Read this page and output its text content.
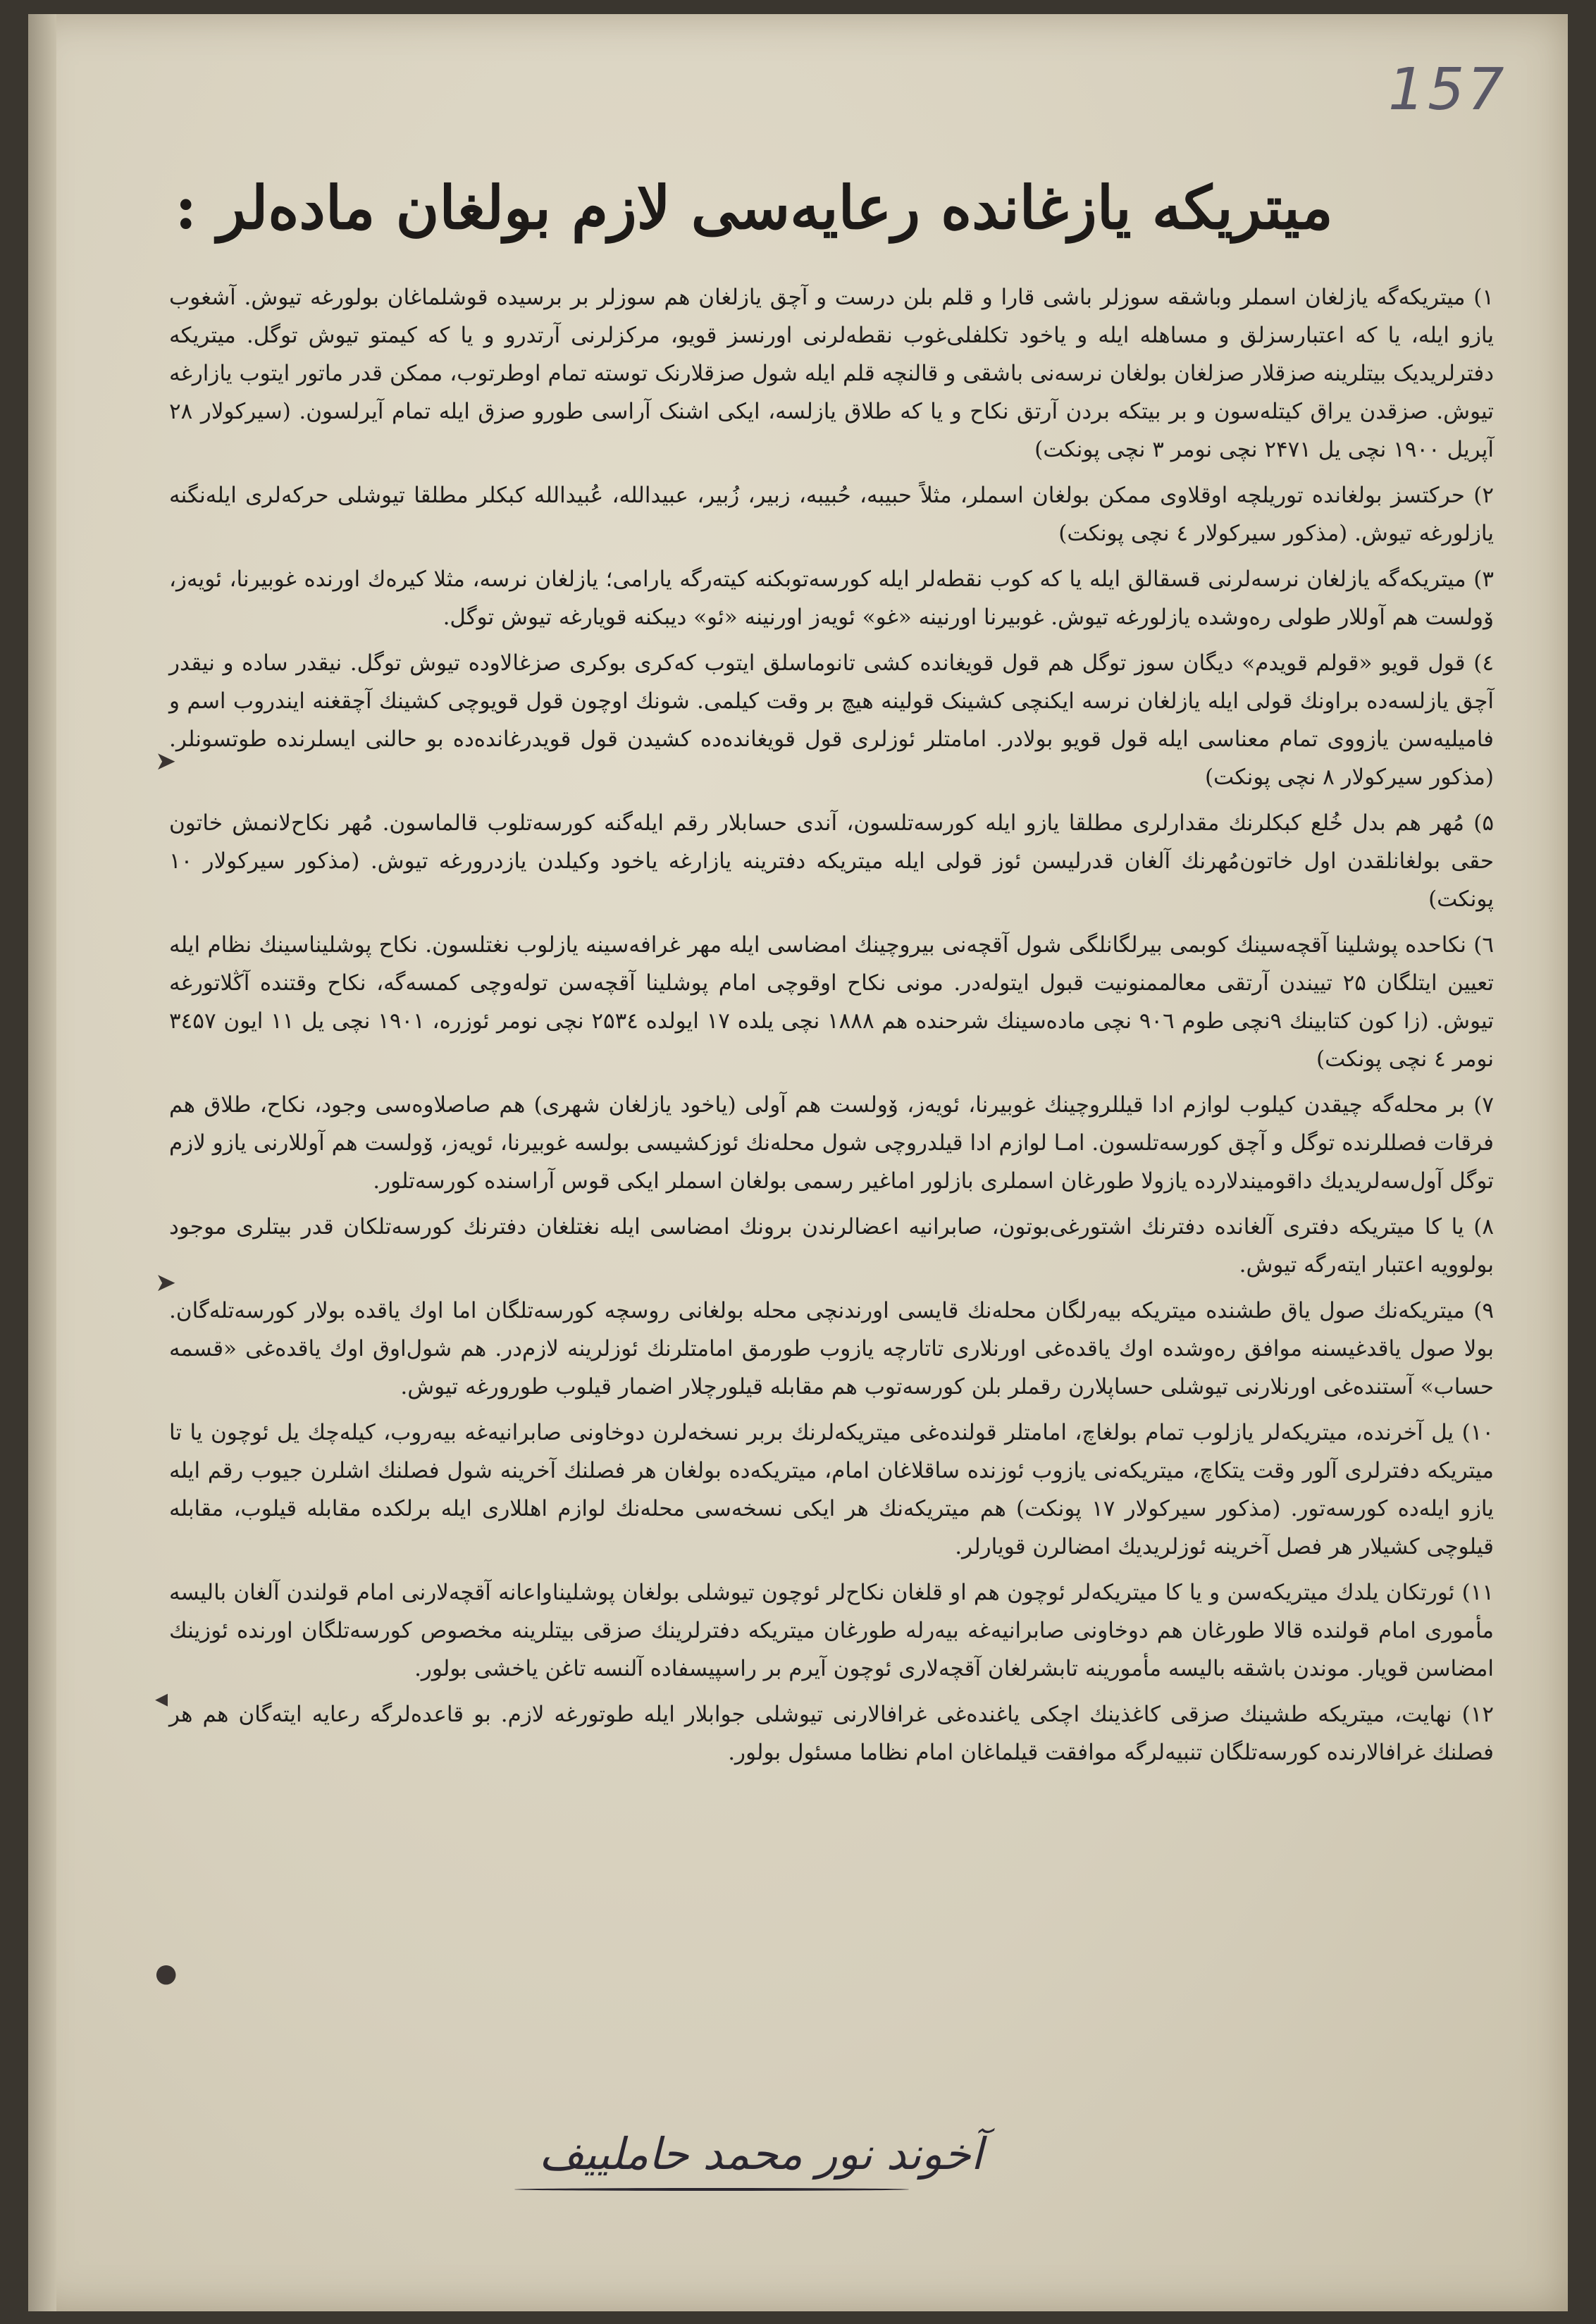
157
میتریکه یازغانده رعایه‌سی لازم بولغان ماده‌لر :

۱) میتریکه‌گه یازلغان اسملر وباشقه سوزلر باشی قارا و قلم بلن درست و آچق یازلغان هم سوزلر بر برسیده قوشلماغان بولورغه تیوش. آشغوب یازو ایله، یا که اعتبار‌سزلق و مساهله ایله و یاخود تکلفلی‌غوب نقطه‌لرنی اورنسز قویو، مرکزلرنی آرتدرو و یا که کیمتو تیوش توگل. میتریکه دفترلریدیک بیتلرینه صزقلار صزلغان بولغان نرسه‌نی باشقی و قالنچه قلم ایله شول صزقلارنک توسته تمام اوطرتوب، ممکن قدر ماتور ایتوب یازارغه تیوش. صزقدن یراق کیتله‌سون و بر بیتکه بردن آرتق نکاح و یا که طلاق یازلسه، ایکی اشنک آراسی طورو صزق ایله تمام آیرلسون. (سیرکولار ۲۸ آپریل ۱۹۰۰ نچی یل ۲۴۷۱ نچی نومر ۳ نچی پونکت)

۲) حرکتسز بولغانده توریلچه اوقلاوی ممکن بولغان اسملر، مثلاً حبیبه، حُبیبه، زبیر، زُبیر، عبیدالله، عُبیدالله کبکلر مطلقا تیوشلی حرکه‌لری ایله‌نگنه یازلورغه تیوش. (مذکور سیرکولار ٤ نچی پونکت)

۳) میتریکه‌گه یازلغان نرسه‌لرنی قسقالق ایله یا که کوب نقطه‌لر ایله کورسه‌توبکنه کیته‌رگه یارامی؛ یازلغان نرسه، مثلا کیرەك اورنده غوبیرنا، ئویەز، ۆولست هم آوللار طولی رەوشده یازلورغه تیوش. غوبیرنا اورنینه «غو» ئویەز اورنینه «ئو» دیبکنه قویارغه تیوش توگل.

٤) قول قویو «قولم قویدم» دیگان سوز توگل هم قول قویغانده کشی تانوماسلق ایتوب کەکری بوکری صزغالاوده تیوش توگل. نیقدر ساده و نیقدر آچق یازلسه‌ده براونك قولی ایله یازلغان نرسه ایکنچی کشینک قولینه هیچ بر وقت کیلمی. شونك اوچون قول قویوچی کشینك آچقغنه ایندروب اسم و فامیلیه‌سن یازووی تمام معناسی ایله قول قویو بولادر. امامتلر ئوزلری قول قویغانده‌ده کشیدن قول قویدرغانده‌ده بو حالنی ایسلرنده طوتسونلر. (مذکور سیرکولار ۸ نچی پونکت)

۵) مُهر هم بدل خُلع کبکلرنك مقدارلری مطلقا یازو ایله کورسه‌تلسون، آندی حسابلار رقم ایله‌گنه کورسه‌تلوب قالماسون. مُهر نکاح‌لانمش خاتون حقی بولغانلقدن اول خاتون‌مُهرنك آلغان قدرلیسن ئوز قولی ایله میتریکه دفترینه یازارغه یاخود وکیلدن یازدرورغه تیوش. (مذکور سیرکولار ۱۰ پونکت)

٦) نکاحده پوشلینا آقچه‌سینك کوبمی بیرلگانلگی شول آقچه‌نی بیروچینك امضاسی ایله مهر غرافه‌سینه یازلوب نغتلسون. نکاح پوشلیناسینك نظام ایله تعیین ایتلگان ۲۵ تییندن آرتقی معالممنونیت قبول ایتوله‌در. مونی نکاح اوقوچی امام پوشلینا آقچه‌سن تولەوچی کمسه‌گه، نکاح وقتنده آڭلاتورغه تیوش. (زا کون کتابینك ۹نچی طوم ۹۰٦ نچی ماده‌سینك شرحنده هم ۱۸۸۸ نچی یلده ۱۷ ایولده ۲۵۳٤ نچی نومر ئوزره، ۱۹۰۱ نچی یل ۱۱ ایون ۳٤۵۷ نومر ٤ نچی پونکت)

۷) بر محله‌گه چیقدن کیلوب لوازم ادا قیللر‌وچینك غوبیرنا، ئویه‌ز، ۆولست هم آولی (یاخود یازلغان شهری) هم صاصلاوه‌سی وجود، نکاح، طلاق هم فرقات فصللرنده توگل و آچق کورسه‌تلسون. امـا لوازم ادا قیلدروچی شول محله‌نك ئوزکشیسی بولسه غوبیرنا، ئویه‌ز، ۆولست هم آوللارنی یازو لازم توگل آول‌سه‌لریدیك داقومیندلارده یازولا طورغان اسملری بازلور اماغیر رسمی بولغان اسملر ایکی قوس آراسنده کورسه‌تلور.

۸) یا کا میتریکه دفتری آلغانده دفترنك اشتورغی‌بوتون، صابرانیه اعضالرندن برونك امضاسی ایله نغتلغان دفترنك کورسه‌تلکان قدر بیتلری موجود بولوویه اعتبار ایته‌رگه تیوش.

۹) میتریکه‌نك صول یاق طشنده میتریکه بیەرلگان محله‌نك قایسی اورندنچی محله بولغانی روسچه کورسه‌تلگان اما اوك یاقده بولار کورسه‌تله‌گان. بولا صول یاقدغیسنه موافق رەوشده اوك یاقده‌غی اورنلاری تاتارچه یازوب طورمق امامتلرنك ئوزلرینه لازم‌در. هم شول‌اوق اوك یاقده‌غی «قسمه حساب» آستنده‌غی اورنلارنی تیوشلی حساپلارن رقملر بلن کورسه‌توب هم مقابله قیلورچلار اضمار قیلوب طورورغه تیوش.

۱۰) یل آخرنده، میتریکه‌لر یازلوب تمام بولغاچ، امامتلر قولنده‌غی میتریکه‌لرنك بر‌بر نسخه‌لرن دوخاونی صابرانیه‌غه بیەروب، کیله‌چك یل ئوچون یا تا میتریکه دفترلری آلور وقت یتکاچ، میتریکه‌نی یازوب ئوزنده ساقلاغان امام، میتریکه‌ده بولغان هر فصلنك آخرینه شول فصلنك اشلرن جیوب رقم ایله یازو ایله‌ده کورسه‌تور. (مذکور سیرکولار ۱۷ پونکت) هم میتریکه‌نك هر ایکی نسخه‌سی محله‌نك لوازم اهللاری ایله برلکده مقابله قیلوب، مقابله قیلوچی کشیلار هر فصل آخرینه ئوزلریدیك امضالرن قویارلر.

۱۱) ئورتکان یلدك میتریکه‌سن و یا کا میتریکه‌لر ئوچون هم او قلغان نکاح‌لر ئوچون تیوشلی بولغان پوشلینا‌واعانه آقچه‌لارنی امام قولندن آلغان بالیسه مأموری امام قولنده قالا طورغان هم دوخاونی صابرانیه‌غه بیەرله طورغان میتریکه دفترلرینك صزقی بیتلرینه مخصوص کورسه‌تلگان اورنده ئوزینك امضاسن قویار. موندن باشقه بالیسه مأمورینه تابشرلغان آقچه‌لاری ئوچون آیرم بر راسپیسفاده آلنسه تاغن یاخشی بولور.

۱۲) نهایت، میتریکه طشینك صزقی کاغذینك اچکی یاغنده‌غی غرافالارنی تیوشلی جوابلار ایله طوتورغه لازم. بو قاعده‌لرگه رعایه ایته‌گان هم هر فصلنك غرافالارنده کورسه‌تلگان تنبیه‌لرگه موافقت قیلماغان امام نظاما مسئول بولور.

➤
➤
◂
●
آخوند نور محمد حاملییف
